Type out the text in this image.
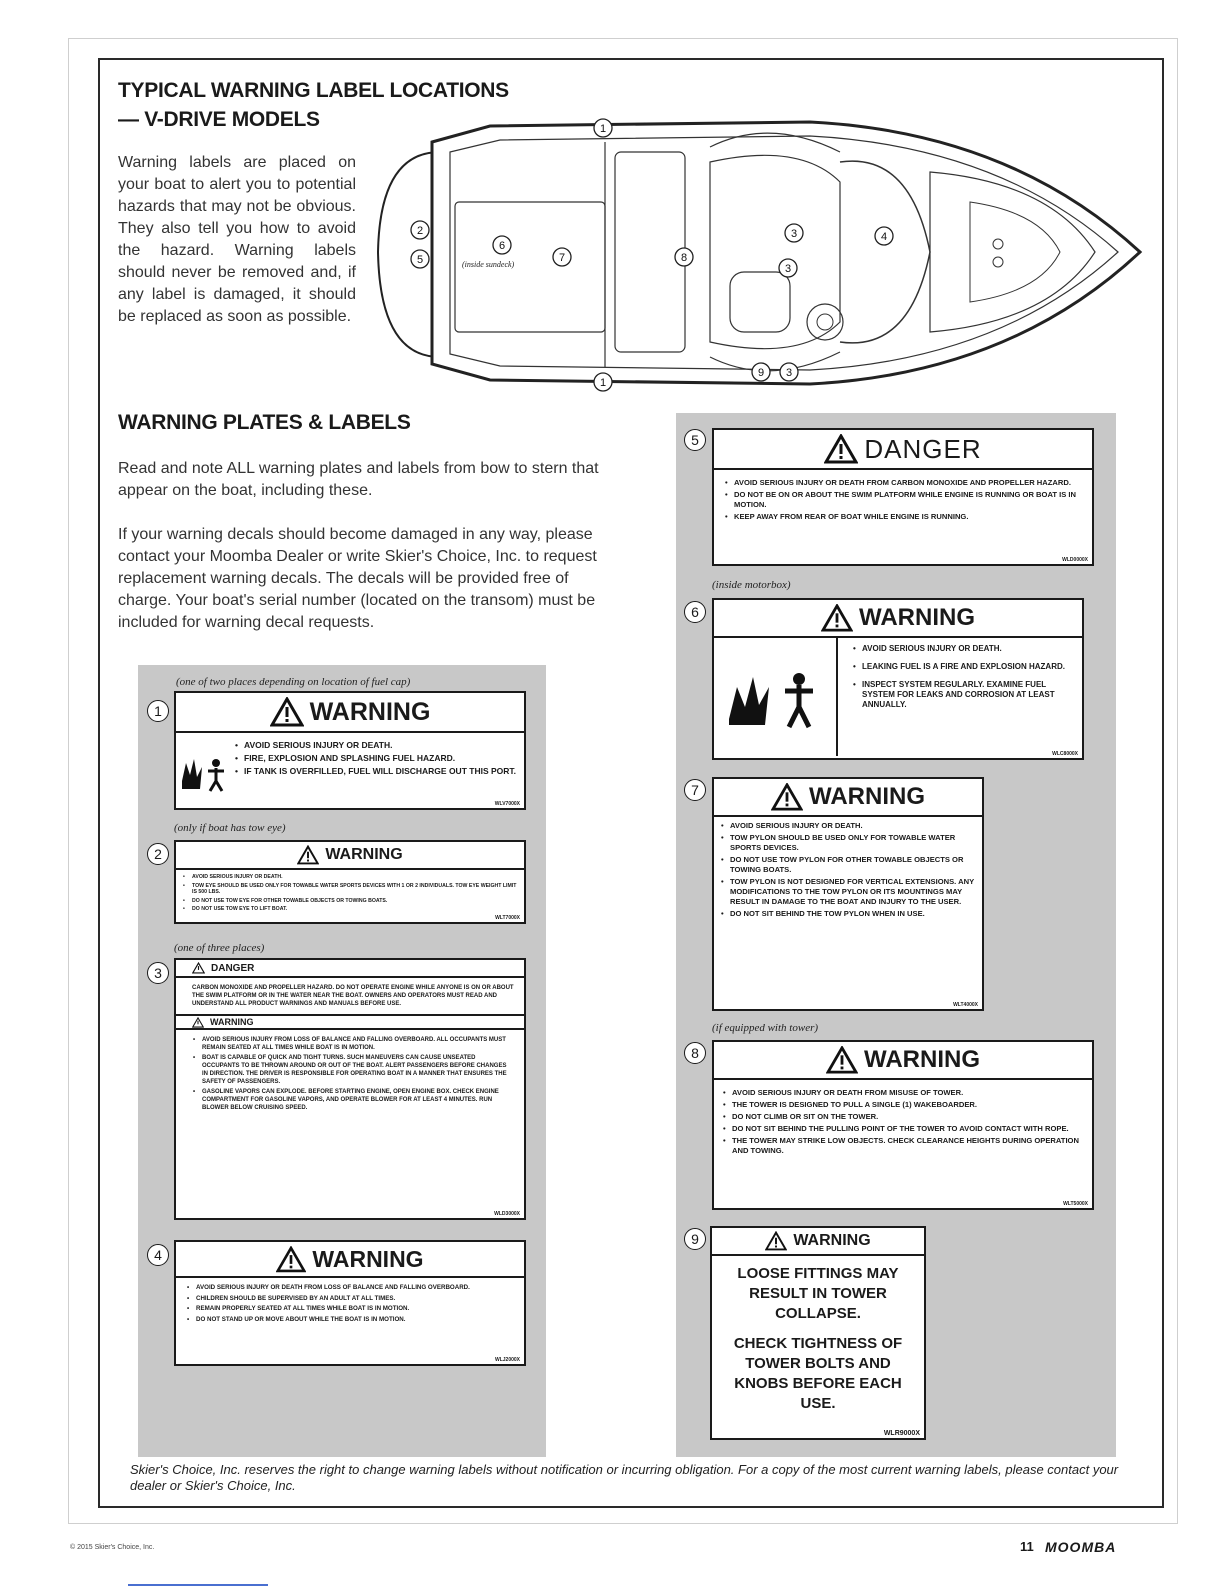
TYPICAL WARNING LABEL LOCATIONS
— V-DRIVE MODELS
Warning labels are placed on your boat to alert you to potential hazards that may not be obvious. They also tell you how to avoid the hazard. Warning labels should never be removed and, if any label is damaged, it should be replaced as soon as possible.
(inside sundeck)
1
2
5
6
7	8
3	4
3
1
9 3
WARNING PLATES & LABELS
Read and note ALL warning plates and labels from bow to stern that appear on the boat, including these.
If your warning decals should become damaged in any way, please contact your Moomba Dealer or write Skier's Choice, Inc. to request replacement warning decals. The decals will be provided free of charge. Your boat's serial number (located on the transom) must be included for warning decal requests.
(one of two places depending on location of fuel cap)
1	WARNING
• AVOID SERIOUS INJURY OR DEATH.
• FIRE, EXPLOSION AND SPLASHING FUEL HAZARD.
• IF TANK IS OVERFILLED, FUEL WILL DISCHARGE OUT THIS PORT.
WLV7000X
(only if boat has tow eye)
2	WARNING
• AVOID SERIOUS INJURY OR DEATH.
• TOW EYE SHOULD BE USED ONLY FOR TOWABLE WATER SPORTS DEVICES WITH 1 OR 2 INDIVIDUALS. TOW EYE WEIGHT LIMIT IS 500 LBS.
• DO NOT USE TOW EYE FOR OTHER TOWABLE OBJECTS OR TOWING BOATS.
• DO NOT USE TOW EYE TO LIFT BOAT.
WLT7000X
(one of three places)
3	DANGER
CARBON MONOXIDE AND PROPELLER HAZARD. DO NOT OPERATE ENGINE WHILE ANYONE IS ON OR ABOUT THE SWIM PLATFORM OR IN THE WATER NEAR THE BOAT. OWNERS AND OPERATORS MUST READ AND UNDERSTAND ALL PRODUCT WARNINGS AND MANUALS BEFORE USE.
WARNING
• AVOID SERIOUS INJURY FROM LOSS OF BALANCE AND FALLING OVERBOARD. ALL OCCUPANTS MUST REMAIN SEATED AT ALL TIMES WHILE BOAT IS IN MOTION.
• BOAT IS CAPABLE OF QUICK AND TIGHT TURNS. SUCH MANEUVERS CAN CAUSE UNSEATED OCCUPANTS TO BE THROWN AROUND OR OUT OF THE BOAT. ALERT PASSENGERS BEFORE CHANGES IN DIRECTION. THE DRIVER IS RESPONSIBLE FOR OPERATING BOAT IN A MANNER THAT ENSURES THE SAFETY OF PASSENGERS.
• GASOLINE VAPORS CAN EXPLODE. BEFORE STARTING ENGINE, OPEN ENGINE BOX. CHECK ENGINE COMPARTMENT FOR GASOLINE VAPORS, AND OPERATE BLOWER FOR AT LEAST 4 MINUTES. RUN BLOWER BELOW CRUISING SPEED.
WLD3000X
4	WARNING
• AVOID SERIOUS INJURY OR DEATH FROM LOSS OF BALANCE AND FALLING OVERBOARD.
• CHILDREN SHOULD BE SUPERVISED BY AN ADULT AT ALL TIMES.
• REMAIN PROPERLY SEATED AT ALL TIMES WHILE BOAT IS IN MOTION.
• DO NOT STAND UP OR MOVE ABOUT WHILE THE BOAT IS IN MOTION.
WLJ2000X
5	DANGER
• AVOID SERIOUS INJURY OR DEATH FROM CARBON MONOXIDE AND PROPELLER HAZARD.
• DO NOT BE ON OR ABOUT THE SWIM PLATFORM WHILE ENGINE IS RUNNING OR BOAT IS IN MOTION.
• KEEP AWAY FROM REAR OF BOAT WHILE ENGINE IS RUNNING.
WLD0000X
(inside motorbox)
6	WARNING
• AVOID SERIOUS INJURY OR DEATH.
• LEAKING FUEL IS A FIRE AND EXPLOSION HAZARD.
• INSPECT SYSTEM REGULARLY. EXAMINE FUEL SYSTEM FOR LEAKS AND CORROSION AT LEAST ANNUALLY.
WLC8000X
7	WARNING
• AVOID SERIOUS INJURY OR DEATH.
• TOW PYLON SHOULD BE USED ONLY FOR TOWABLE WATER SPORTS DEVICES.
• DO NOT USE TOW PYLON FOR OTHER TOWABLE OBJECTS OR TOWING BOATS.
• TOW PYLON IS NOT DESIGNED FOR VERTICAL EXTENSIONS. ANY MODIFICATIONS TO THE TOW PYLON OR ITS MOUNTINGS MAY RESULT IN DAMAGE TO THE BOAT AND INJURY TO THE USER.
• DO NOT SIT BEHIND THE TOW PYLON WHEN IN USE.
WLT4000X
(if equipped with tower)
8	WARNING
• AVOID SERIOUS INJURY OR DEATH FROM MISUSE OF TOWER.
• THE TOWER IS DESIGNED TO PULL A SINGLE (1) WAKEBOARDER.
• DO NOT CLIMB OR SIT ON THE TOWER.
• DO NOT SIT BEHIND THE PULLING POINT OF THE TOWER TO AVOID CONTACT WITH ROPE.
• THE TOWER MAY STRIKE LOW OBJECTS. CHECK CLEARANCE HEIGHTS DURING OPERATION AND TOWING.
WLT5000X
9	WARNING
LOOSE FITTINGS MAY RESULT IN TOWER COLLAPSE.
CHECK TIGHTNESS OF TOWER BOLTS AND KNOBS BEFORE EACH USE.
WLR9000X
Skier's Choice, Inc. reserves the right to change warning labels without notification or incurring obligation. For a copy of the most current warning labels, please contact your dealer or Skier's Choice, Inc.
© 2015 Skier's Choice, Inc.	11 MOOMBA
